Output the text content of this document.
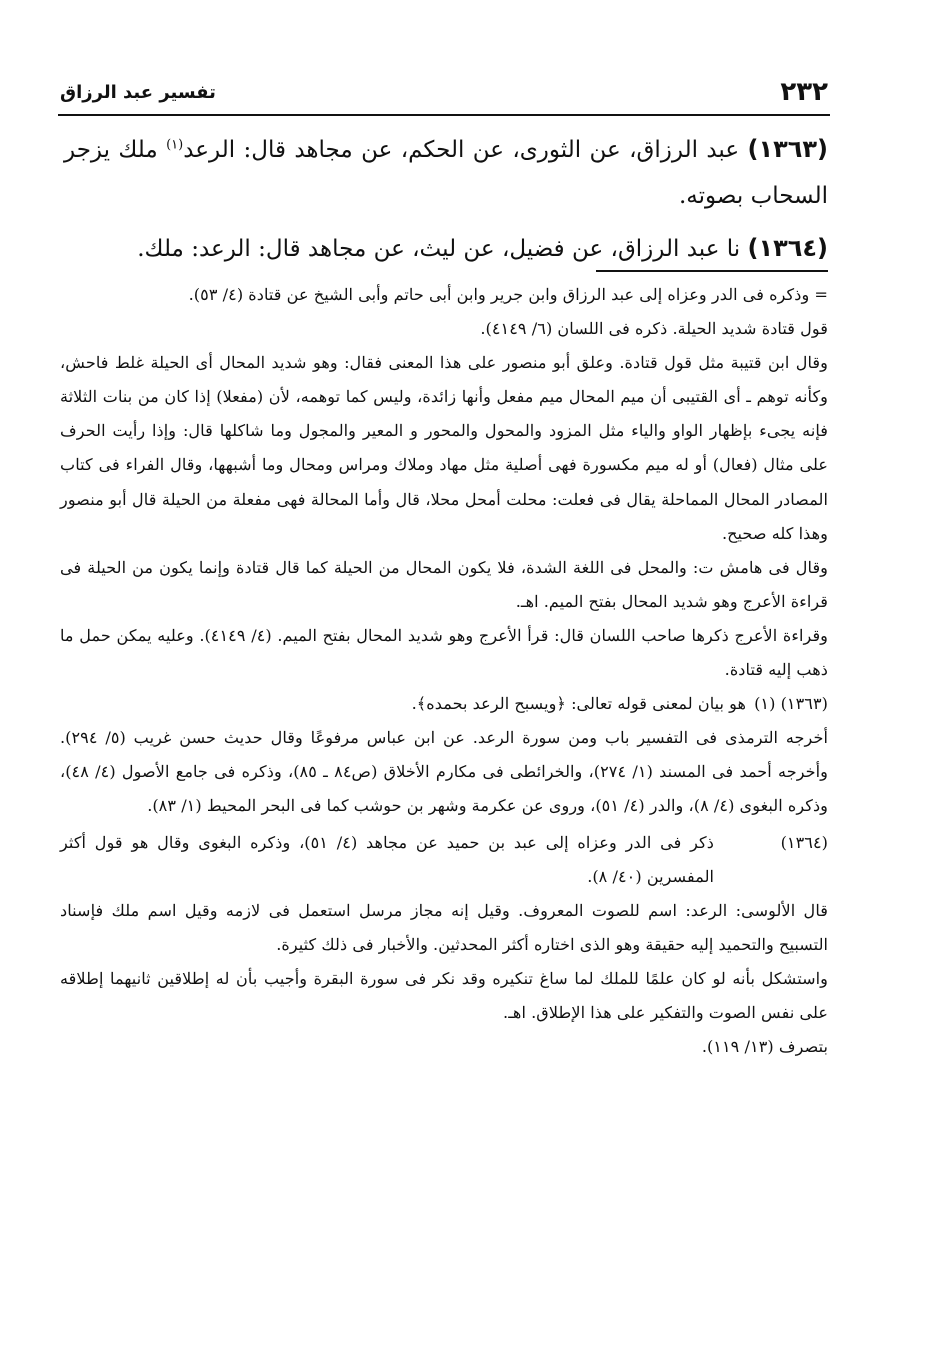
٢٣٢
تفسير عبد الرزاق

(١٣٦٣) عبد الرزاق، عن الثورى، عن الحكم، عن مجاهد قال: الرعد$^{(١)}$ ملك يزجر السحاب بصوته.

(١٣٦٤) نا عبد الرزاق، عن فضيل، عن ليث، عن مجاهد قال: الرعد: ملك.

= وذكره فى الدر وعزاه إلى عبد الرزاق وابن جرير وابن أبى حاتم وأبى الشيخ عن قتادة (٤/ ٥٣).

قول قتادة شديد الحيلة. ذكره فى اللسان (٦/ ٤١٤٩).

وقال ابن قتيبة مثل قول قتادة. وعلق أبو منصور على هذا المعنى فقال: وهو شديد المحال أى الحيلة غلط فاحش، وكأنه توهم ـ أى القتيبى أن ميم المحال ميم مفعل وأنها زائدة، وليس كما توهمه، لأن (مفعلا) إذا كان من بنات الثلاثة فإنه يجىء بإظهار الواو والياء مثل المزود والمحول والمحور و المعير والمجول وما شاكلها قال: وإذا رأيت الحرف على مثال (فعال) أو له ميم مكسورة فهى أصلية مثل مهاد وملاك ومراس ومحال وما أشبهها، وقال الفراء فى كتاب المصادر المحال المماحلة يقال فى فعلت: محلت أمحل محلا، قال وأما المحالة فهى مفعلة من الحيلة قال أبو منصور وهذا كله صحيح.

وقال فى هامش ت: والمحل فى اللغة الشدة، فلا يكون المحال من الحيلة كما قال قتادة وإنما يكون من الحيلة فى قراءة الأعرج وهو شديد المحال بفتح الميم. اهـ.

وقراءة الأعرج ذكرها صاحب اللسان قال: قرأ الأعرج وهو شديد المحال بفتح الميم. (٤/ ٤١٤٩). وعليه يمكن حمل ما ذهب إليه قتادة.

(١٣٦٣) (١)
هو بيان لمعنى قوله تعالى: ﴿ويسبح الرعد بحمده﴾.
أخرجه الترمذى فى التفسير باب ومن سورة الرعد. عن ابن عباس مرفوعًا وقال حديث حسن غريب (٥/ ٢٩٤). وأخرجه أحمد فى المسند (١/ ٢٧٤)، والخرائطى فى مكارم الأخلاق (ص٨٤ ـ ٨٥)، وذكره فى جامع الأصول (٤/ ٤٨)، وذكره البغوى (٤/ ٨)، والدر (٤/ ٥١)، وروى عن عكرمة وشهر بن حوشب كما فى البحر المحيط (١/ ٨٣).
(١٣٦٤)
ذكر فى الدر وعزاه إلى عبد بن حميد عن مجاهد (٤/ ٥١)، وذكره البغوى وقال هو قول أكثر المفسرين (٤٠/ ٨).

قال الألوسى: الرعد: اسم للصوت المعروف. وقيل إنه مجاز مرسل استعمل فى لازمه وقيل اسم ملك فإسناد التسبيح والتحميد إليه حقيقة وهو الذى اختاره أكثر المحدثين. والأخبار فى ذلك كثيرة.

واستشكل بأنه لو كان علمًا للملك لما ساغ تنكيره وقد نكر فى سورة البقرة وأجيب بأن له إطلاقين ثانيهما إطلاقه على نفس الصوت والتفكير على هذا الإطلاق. اهـ.

بتصرف (١٣/ ١١٩).
